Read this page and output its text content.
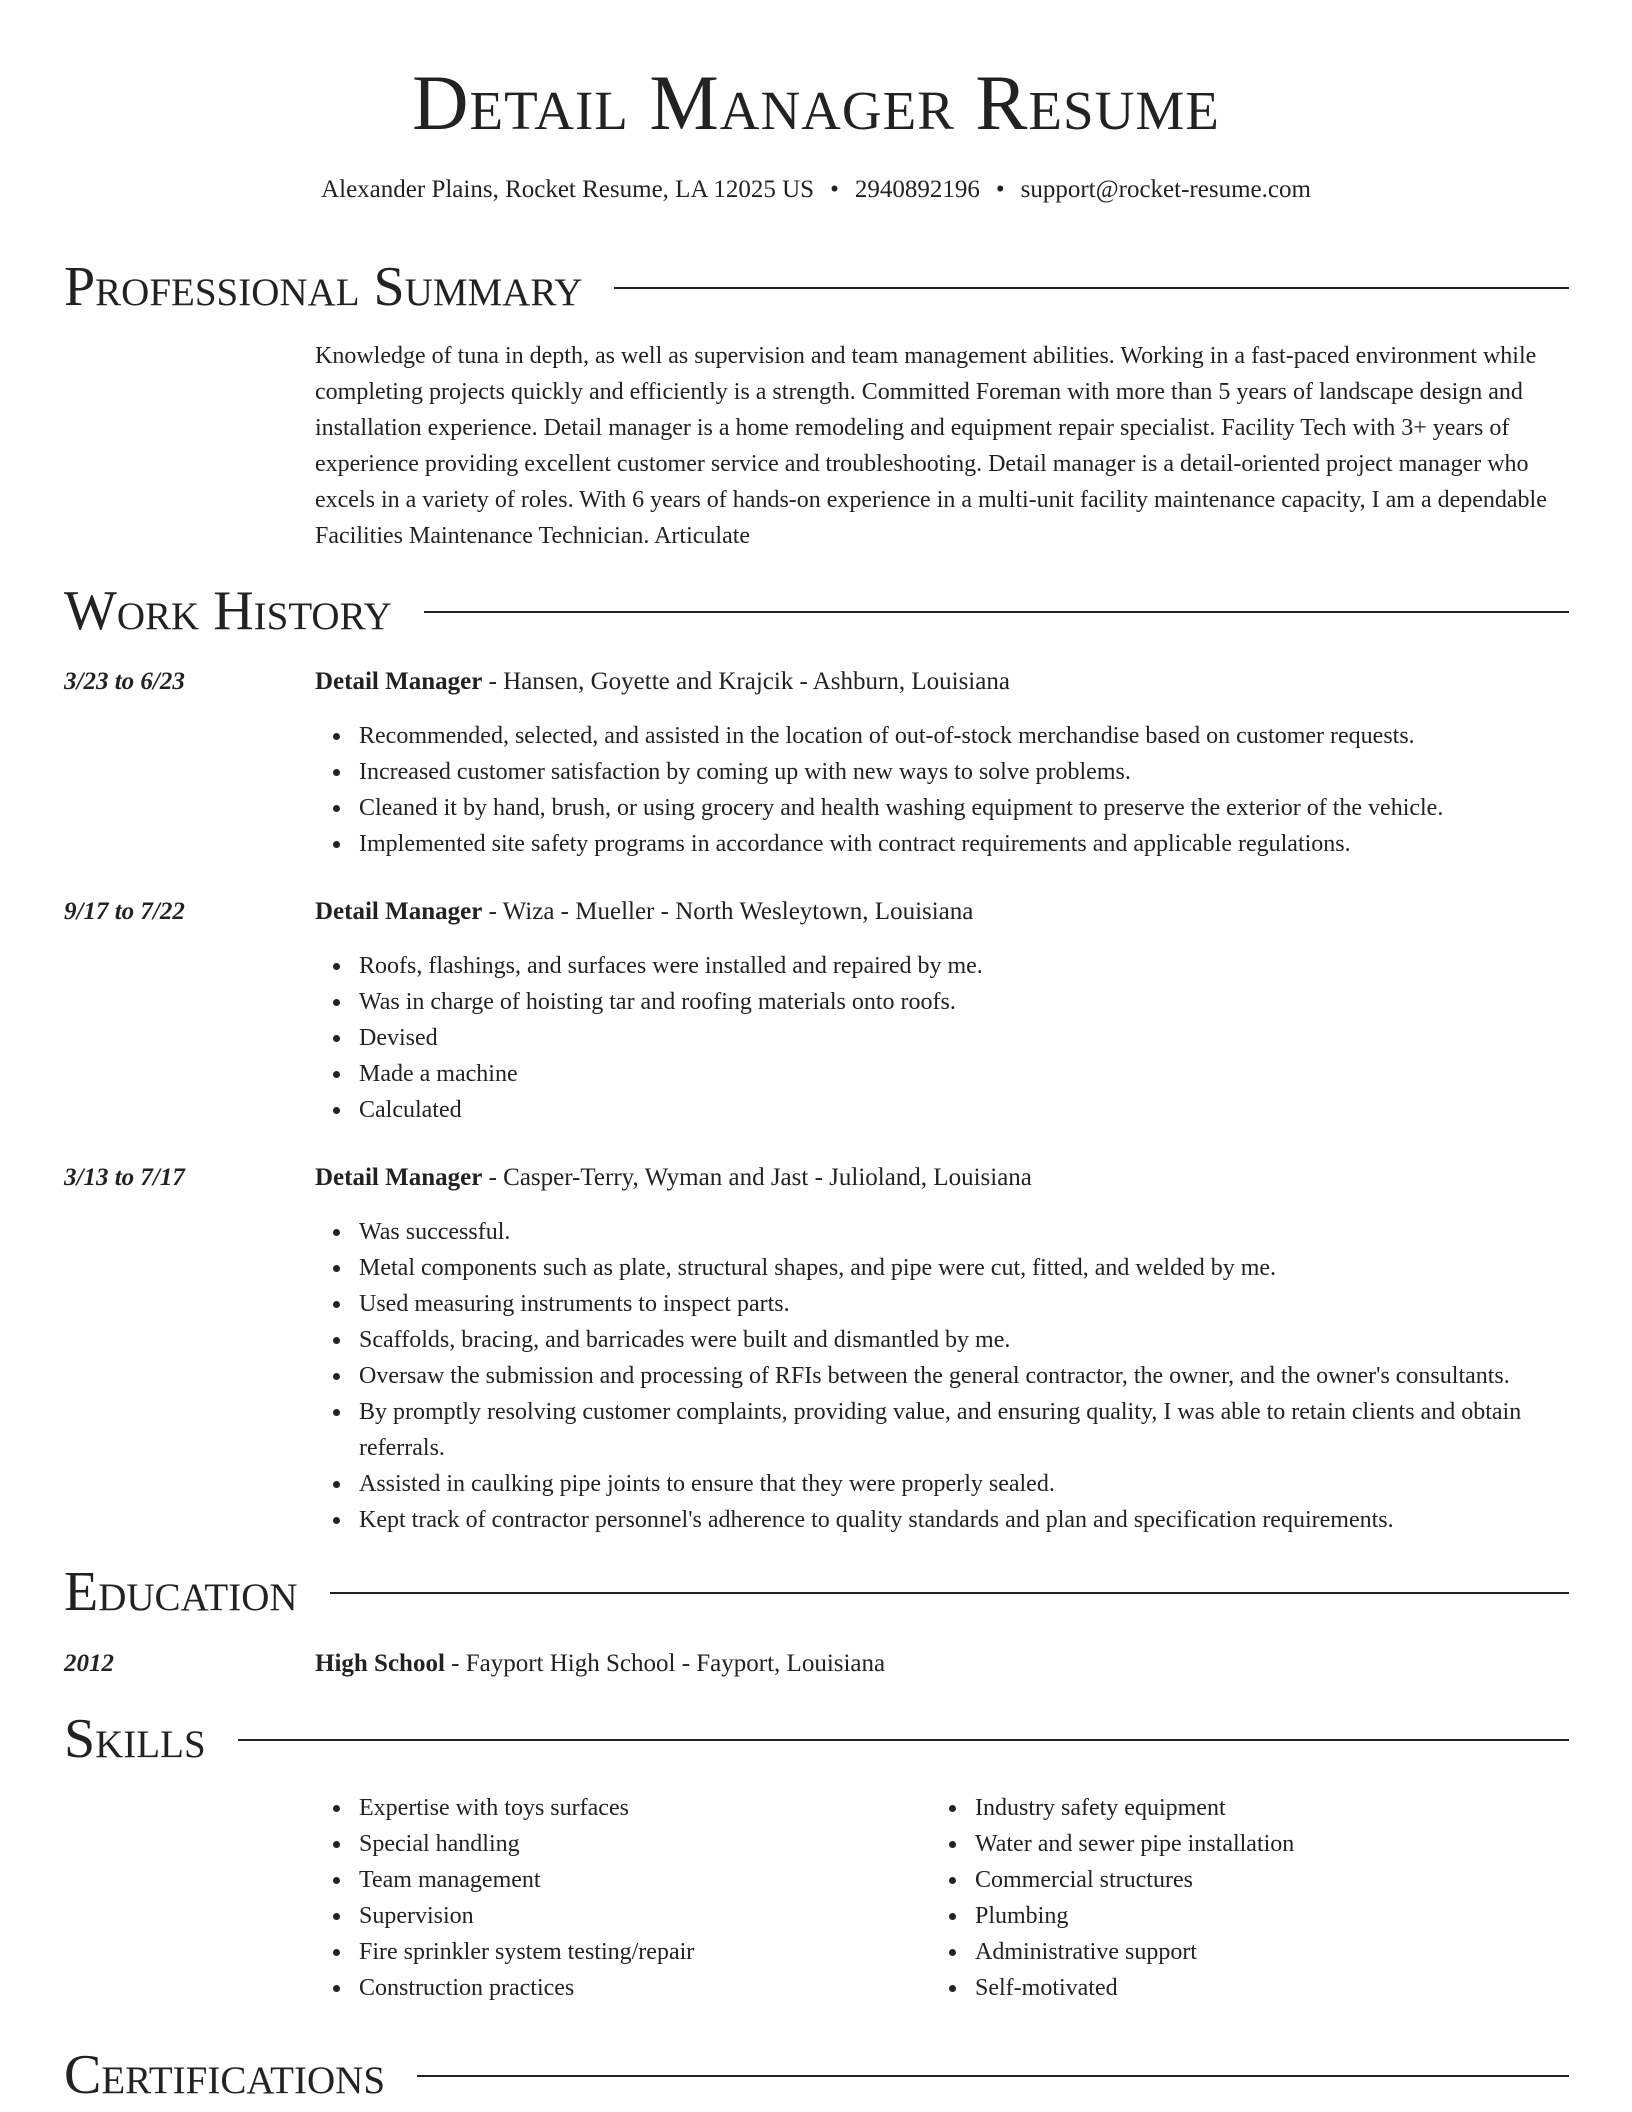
Detail Manager Resume
Alexander Plains, Rocket Resume, LA 12025 US • 2940892196 • support@rocket-resume.com
Professional Summary
Knowledge of tuna in depth, as well as supervision and team management abilities. Working in a fast-paced environment while completing projects quickly and efficiently is a strength. Committed Foreman with more than 5 years of landscape design and installation experience. Detail manager is a home remodeling and equipment repair specialist. Facility Tech with 3+ years of experience providing excellent customer service and troubleshooting. Detail manager is a detail-oriented project manager who excels in a variety of roles. With 6 years of hands-on experience in a multi-unit facility maintenance capacity, I am a dependable Facilities Maintenance Technician. Articulate
Work History
3/23 to 6/23	Detail Manager - Hansen, Goyette and Krajcik - Ashburn, Louisiana
Recommended, selected, and assisted in the location of out-of-stock merchandise based on customer requests.
Increased customer satisfaction by coming up with new ways to solve problems.
Cleaned it by hand, brush, or using grocery and health washing equipment to preserve the exterior of the vehicle.
Implemented site safety programs in accordance with contract requirements and applicable regulations.
9/17 to 7/22	Detail Manager - Wiza - Mueller - North Wesleytown, Louisiana
Roofs, flashings, and surfaces were installed and repaired by me.
Was in charge of hoisting tar and roofing materials onto roofs.
Devised
Made a machine
Calculated
3/13 to 7/17	Detail Manager - Casper-Terry, Wyman and Jast - Julioland, Louisiana
Was successful.
Metal components such as plate, structural shapes, and pipe were cut, fitted, and welded by me.
Used measuring instruments to inspect parts.
Scaffolds, bracing, and barricades were built and dismantled by me.
Oversaw the submission and processing of RFIs between the general contractor, the owner, and the owner's consultants.
By promptly resolving customer complaints, providing value, and ensuring quality, I was able to retain clients and obtain referrals.
Assisted in caulking pipe joints to ensure that they were properly sealed.
Kept track of contractor personnel's adherence to quality standards and plan and specification requirements.
Education
2012	High School - Fayport High School - Fayport, Louisiana
Skills
Expertise with toys surfaces
Special handling
Team management
Supervision
Fire sprinkler system testing/repair
Construction practices
Industry safety equipment
Water and sewer pipe installation
Commercial structures
Plumbing
Administrative support
Self-motivated
Certifications
